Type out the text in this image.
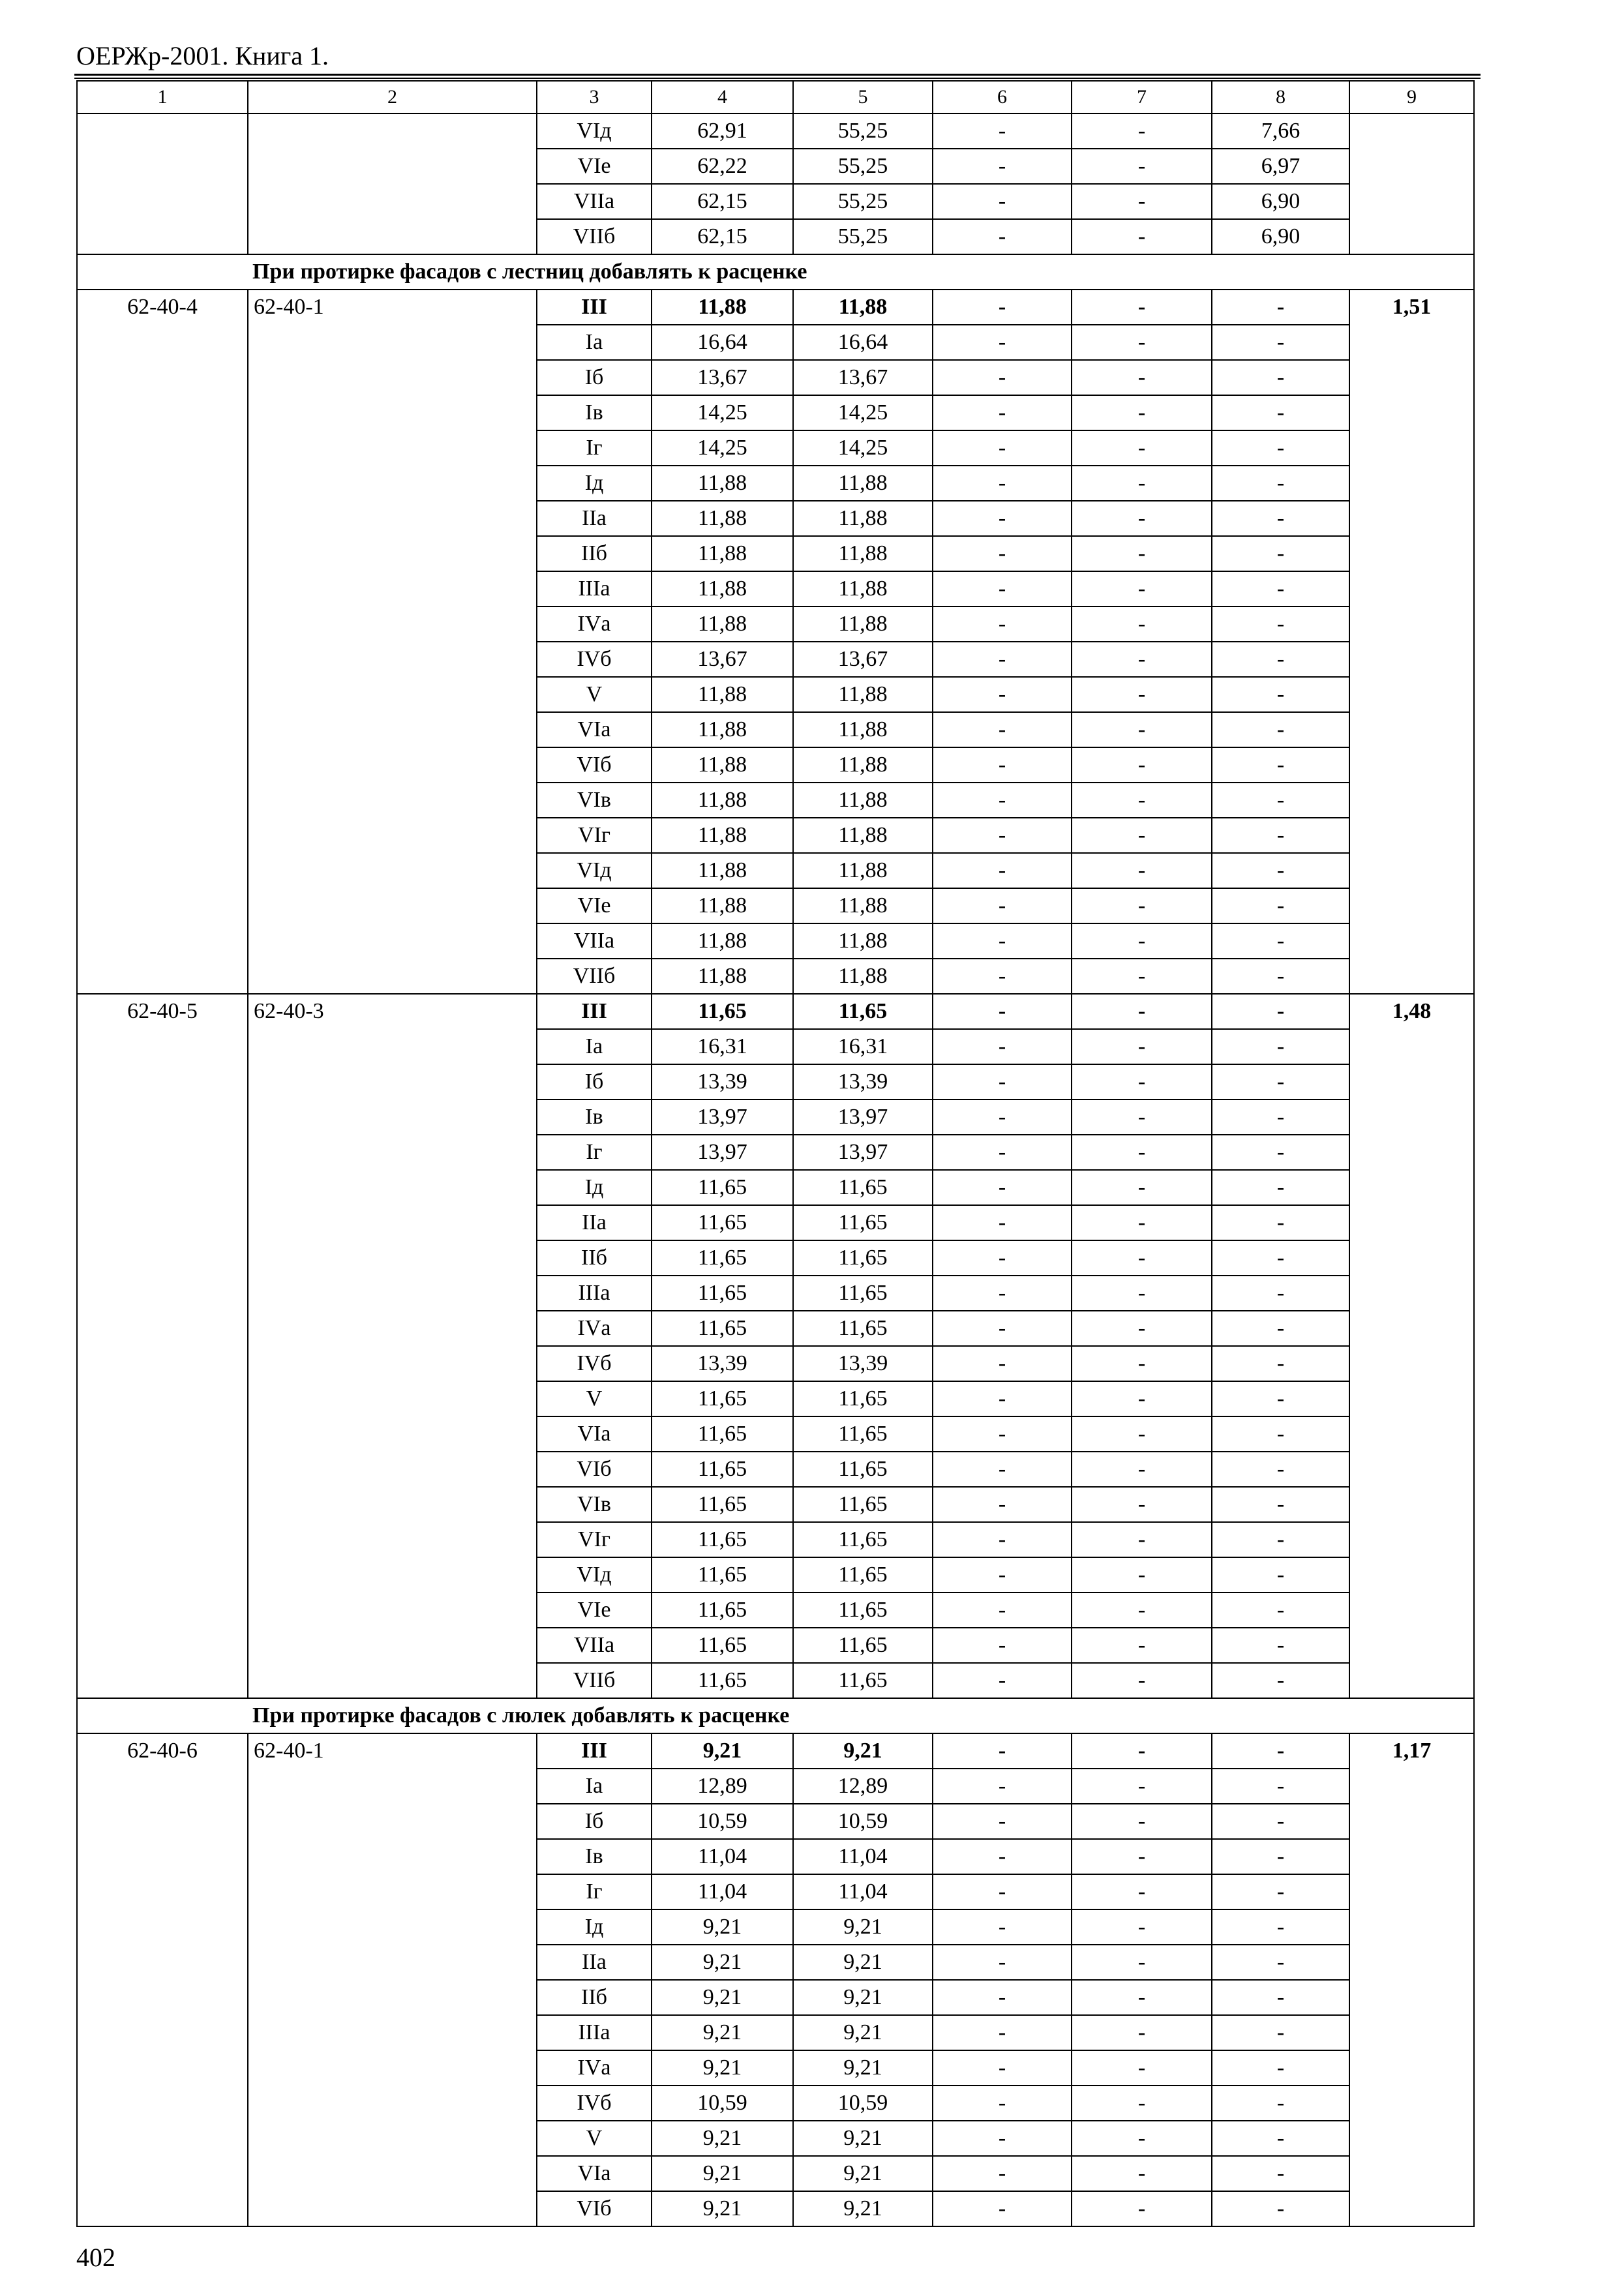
ОЕРЖр-2001. Книга 1.
1	2	3	4	5	6	7	8	9
		VIд	62,91	55,25	-	-	7,66	
		VIе	62,22	55,25	-	-	6,97	
		VIIа	62,15	55,25	-	-	6,90	
		VIIб	62,15	55,25	-	-	6,90	
При протирке фасадов с лестниц добавлять к расценке								
62-40-4	62-40-1	III	11,88	11,88	-	-	-	1,51
		Iа	16,64	16,64	-	-	-	
		Iб	13,67	13,67	-	-	-	
		Iв	14,25	14,25	-	-	-	
		Iг	14,25	14,25	-	-	-	
		Iд	11,88	11,88	-	-	-	
		IIа	11,88	11,88	-	-	-	
		IIб	11,88	11,88	-	-	-	
		IIIа	11,88	11,88	-	-	-	
		IVа	11,88	11,88	-	-	-	
		IVб	13,67	13,67	-	-	-	
		V	11,88	11,88	-	-	-	
		VIа	11,88	11,88	-	-	-	
		VIб	11,88	11,88	-	-	-	
		VIв	11,88	11,88	-	-	-	
		VIг	11,88	11,88	-	-	-	
		VIд	11,88	11,88	-	-	-	
		VIе	11,88	11,88	-	-	-	
		VIIа	11,88	11,88	-	-	-	
		VIIб	11,88	11,88	-	-	-	
62-40-5	62-40-3	III	11,65	11,65	-	-	-	1,48
		Iа	16,31	16,31	-	-	-	
		Iб	13,39	13,39	-	-	-	
		Iв	13,97	13,97	-	-	-	
		Iг	13,97	13,97	-	-	-	
		Iд	11,65	11,65	-	-	-	
		IIа	11,65	11,65	-	-	-	
		IIб	11,65	11,65	-	-	-	
		IIIа	11,65	11,65	-	-	-	
		IVа	11,65	11,65	-	-	-	
		IVб	13,39	13,39	-	-	-	
		V	11,65	11,65	-	-	-	
		VIа	11,65	11,65	-	-	-	
		VIб	11,65	11,65	-	-	-	
		VIв	11,65	11,65	-	-	-	
		VIг	11,65	11,65	-	-	-	
		VIд	11,65	11,65	-	-	-	
		VIе	11,65	11,65	-	-	-	
		VIIа	11,65	11,65	-	-	-	
		VIIб	11,65	11,65	-	-	-	
При протирке фасадов с люлек добавлять к расценке								
62-40-6	62-40-1	III	9,21	9,21	-	-	-	1,17
		Iа	12,89	12,89	-	-	-	
		Iб	10,59	10,59	-	-	-	
		Iв	11,04	11,04	-	-	-	
		Iг	11,04	11,04	-	-	-	
		Iд	9,21	9,21	-	-	-	
		IIа	9,21	9,21	-	-	-	
		IIб	9,21	9,21	-	-	-	
		IIIа	9,21	9,21	-	-	-	
		IVа	9,21	9,21	-	-	-	
		IVб	10,59	10,59	-	-	-	
		V	9,21	9,21	-	-	-	
		VIа	9,21	9,21	-	-	-	
		VIб	9,21	9,21	-	-	-	
402
